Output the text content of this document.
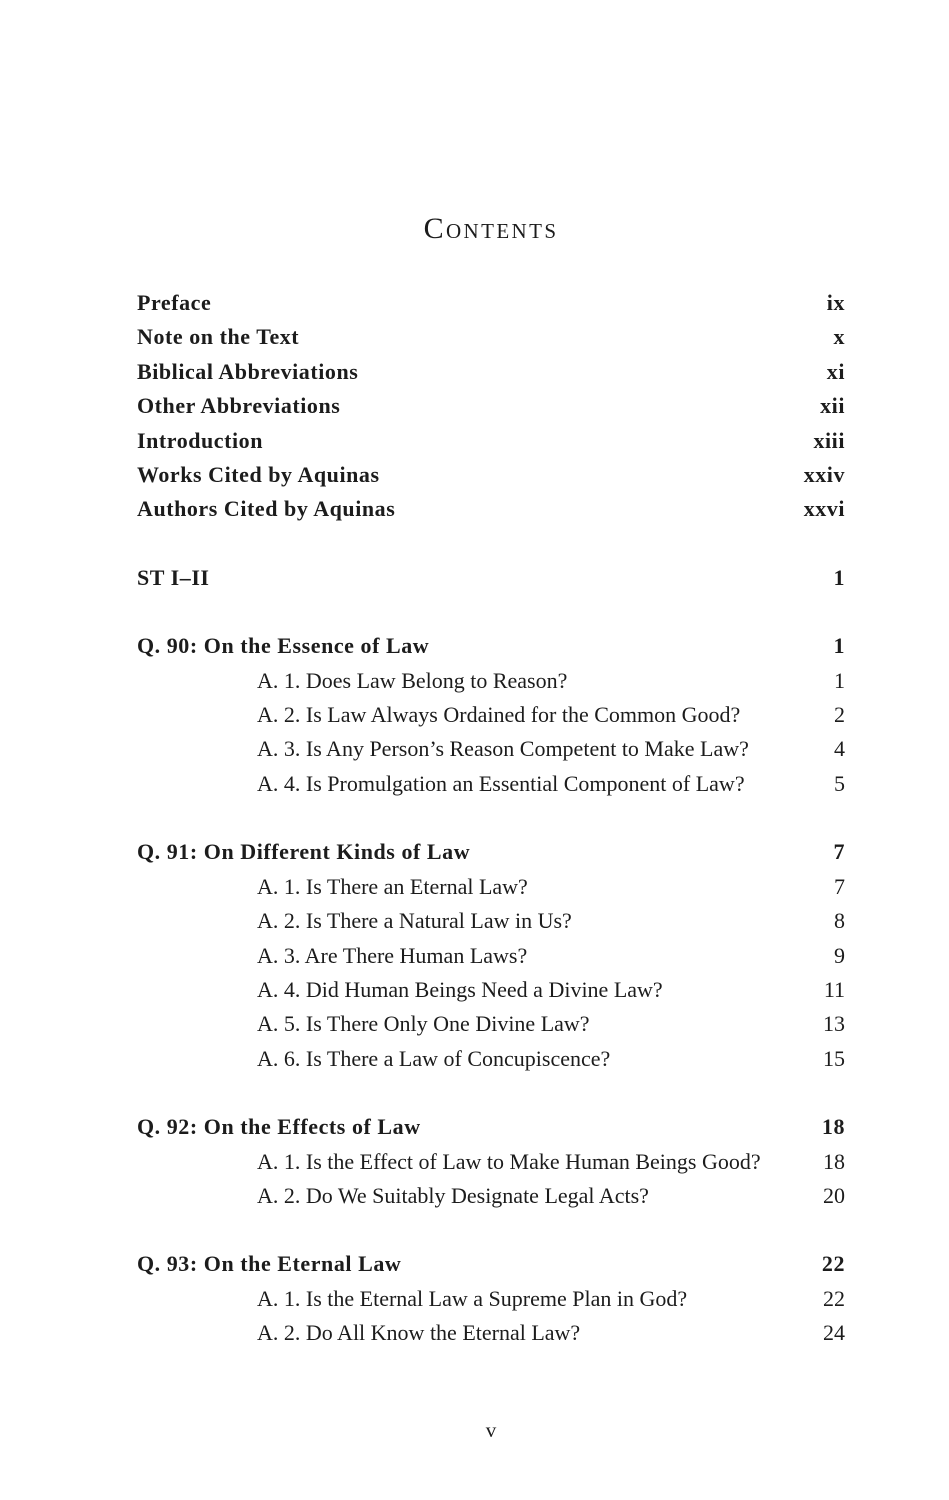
Contents
Preface	ix
Note on the Text	x
Biblical Abbreviations	xi
Other Abbreviations	xii
Introduction	xiii
Works Cited by Aquinas	xxiv
Authors Cited by Aquinas	xxvi
ST I–II	1
Q. 90: On the Essence of Law	1
A. 1. Does Law Belong to Reason?	1
A. 2. Is Law Always Ordained for the Common Good?	2
A. 3. Is Any Person’s Reason Competent to Make Law?	4
A. 4. Is Promulgation an Essential Component of Law?	5
Q. 91: On Different Kinds of Law	7
A. 1. Is There an Eternal Law?	7
A. 2. Is There a Natural Law in Us?	8
A. 3. Are There Human Laws?	9
A. 4. Did Human Beings Need a Divine Law?	11
A. 5. Is There Only One Divine Law?	13
A. 6. Is There a Law of Concupiscence?	15
Q. 92: On the Effects of Law	18
A. 1. Is the Effect of Law to Make Human Beings Good?	18
A. 2. Do We Suitably Designate Legal Acts?	20
Q. 93: On the Eternal Law	22
A. 1. Is the Eternal Law a Supreme Plan in God?	22
A. 2. Do All Know the Eternal Law?	24
v
